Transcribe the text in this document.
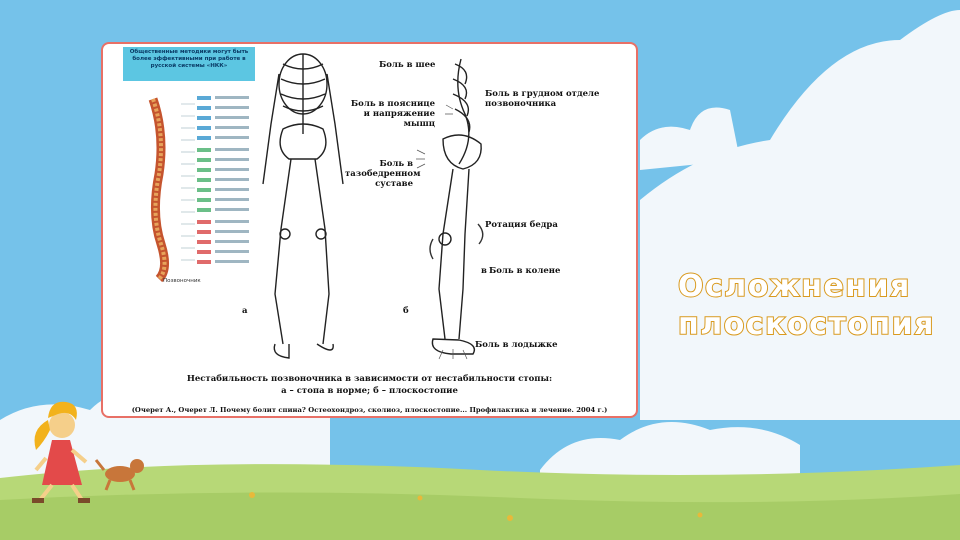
Общественные методики могут быть более эффективными при работе в русской системы «НКК»
Позвоночник
а	б
в
Боль в шее
Боль в грудном отделе позвоночника
Боль в пояснице и напряжение мышц
Боль в тазобедренном суставе
Ротация бедра
Боль в колене
Боль в лодыжке
Нестабильность позвоночника в зависимости от нестабильности стопы:
а – стопа в норме; б – плоскостопие
(Очерет А., Очерет Л. Почему болит спина? Остеохондроз, сколиоз, плоскостопие... Профилактика и лечение. 2004 г.)
Осложнения
плоскостопия
